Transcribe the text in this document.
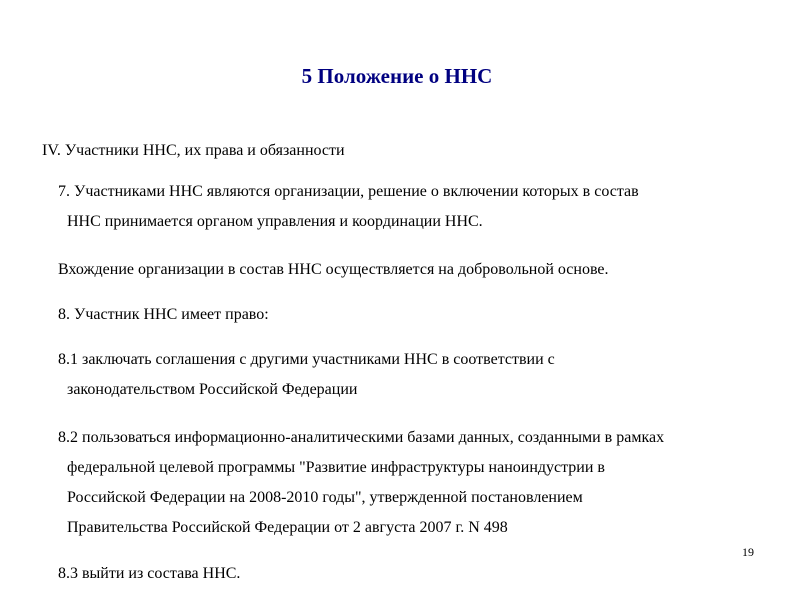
5 Положение о ННС
IV. Участники ННС, их права и обязанности
7. Участниками ННС являются организации, решение о включении которых в состав
ННС принимается органом управления и координации ННС.
Вхождение организации в состав ННС осуществляется на добровольной основе.
8. Участник ННС имеет право:
8.1 заключать соглашения с другими участниками ННС в соответствии с
законодательством Российской Федерации
8.2 пользоваться информационно-аналитическими базами данных, созданными в рамках
федеральной целевой программы "Развитие инфраструктуры наноиндустрии в
Российской Федерации на 2008-2010 годы", утвержденной постановлением
Правительства Российской Федерации от 2 августа 2007 г. N 498
19
8.3 выйти из состава ННС.
